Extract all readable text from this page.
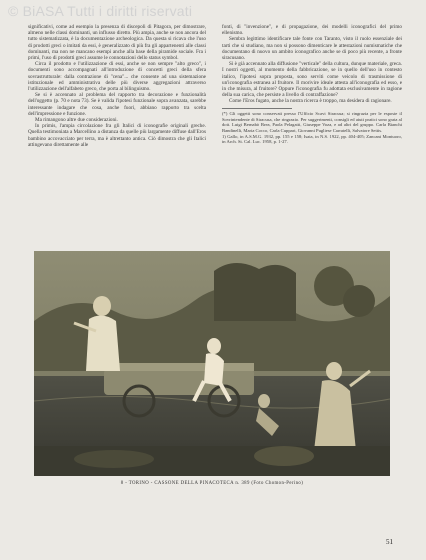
© BiASA Tutti i diritti riservati

significativi, come ad esempio la presenza di discepoli di Pitagora, per dimostrare, almeno nelle classi dominanti, un influsso diretto. Più ampia, anche se non ancora del tutto sistematizzata, è la documentazione archeologica. Da questa si ricava che l'uso di prodotti greci o imitati da essi, è generalizzato di più fra gli appartenenti alle classi dominanti, ma non ne mancano esempi anche alla base della piramide sociale. Fra i primi, l'uso di prodotti greci assume le connotazioni dello status symbol.

Circa il prodotto e l'utilizzazione di essi, anche se non sempre "alto greco", i documenti sono accompagnati all'introduzione di concetti greci della sfera sovrastrutturale: dalla contrazione di "cena"... che consente ad una sistemazione istituzionale ed amministrativa delle più diverse aggregazioni attraverso l'utilizzazione dell'alfabeto greco, che porta al bilinguismo.

Se si è accennato al problema del rapporto tra decorazione e funzionalità dell'oggetto (p. 70 e nota 73). Se è valida l'ipotesi funzionale sopra avanzata, sarebbe interessante indagare che cosa, anche fuori, abbiano rapporto tra scelta dell'impressione e funzione.

Ma rimangono altre due considerazioni.

In primis, l'ampia circolazione fra gli Italici di iconografie originali greche. Quella testimoniata a Marcellino a distanza da quelle più largamente diffuse dall'Eros bambino accovacciato per terra, ma è altrettanto antica. Ciò dimostra che gli Italici attingevano direttamente alle

fonti, di "invenzione", e di propagazione, dei modelli iconografici del primo ellenismo.

Sembra legittimo identificare tale fonte con Taranto, visto il ruolo essenziale dei tarti che si studiano, ma non si possono dimenticare le attestazioni numismatiche che documentano di nuovo un ambito iconografico anche se di poco più recente, a fronte siracusano.

Si è già accennato alla diffusione "verticale" della cultura, dunque materiale, greca. I nostri oggetti, al momento della fabbricazione, se in quello dell'uso in contesto italico, l'ipotesi sopra proposta, sono serviti come veicolo di trasmissione di un'iconografia estranea al fruitore. Il morivire ideale attesta all'iconografia ed esso, e in che misura, al fruitore? Oppure l'iconografia fu adottata esclusivamente in ragione della sua carica, che persiste a livello di contraffazione?

Come l'Eros fugato, anche la nostra ricerca è troppo, ma desidera di ragionare.

(*) Gli oggetti sono conservati presso l'Ufficio Scavi Siracusa; si ringrazia per le esposte il Sovrintendente di Siracusa, che ringrazio. Per suggerimenti, consigli ed aiuti pratici sono grata al dott. Luigi Bernabò Brea, Paola Pelagatti, Giuseppe Voza, e ad altri del gruppo. Carla Bianchi Bandinelli, Maria Cocco, Carla Cuppari, Giovanni Pugliese Carratelli, Salvatore Settis.

1) Gallo, in A.S.M.G. 1932, pp. 155 e 158; Isaia, in N.S. 1922, pp. 404-405; Zancani Montuoro, in Arch. St. Cal. Luc. 1958, p. 1-27.

8 - TORINO - CASSONE DELLA PINACOTECA n. 389 (Foto Chomon-Perino)
51
